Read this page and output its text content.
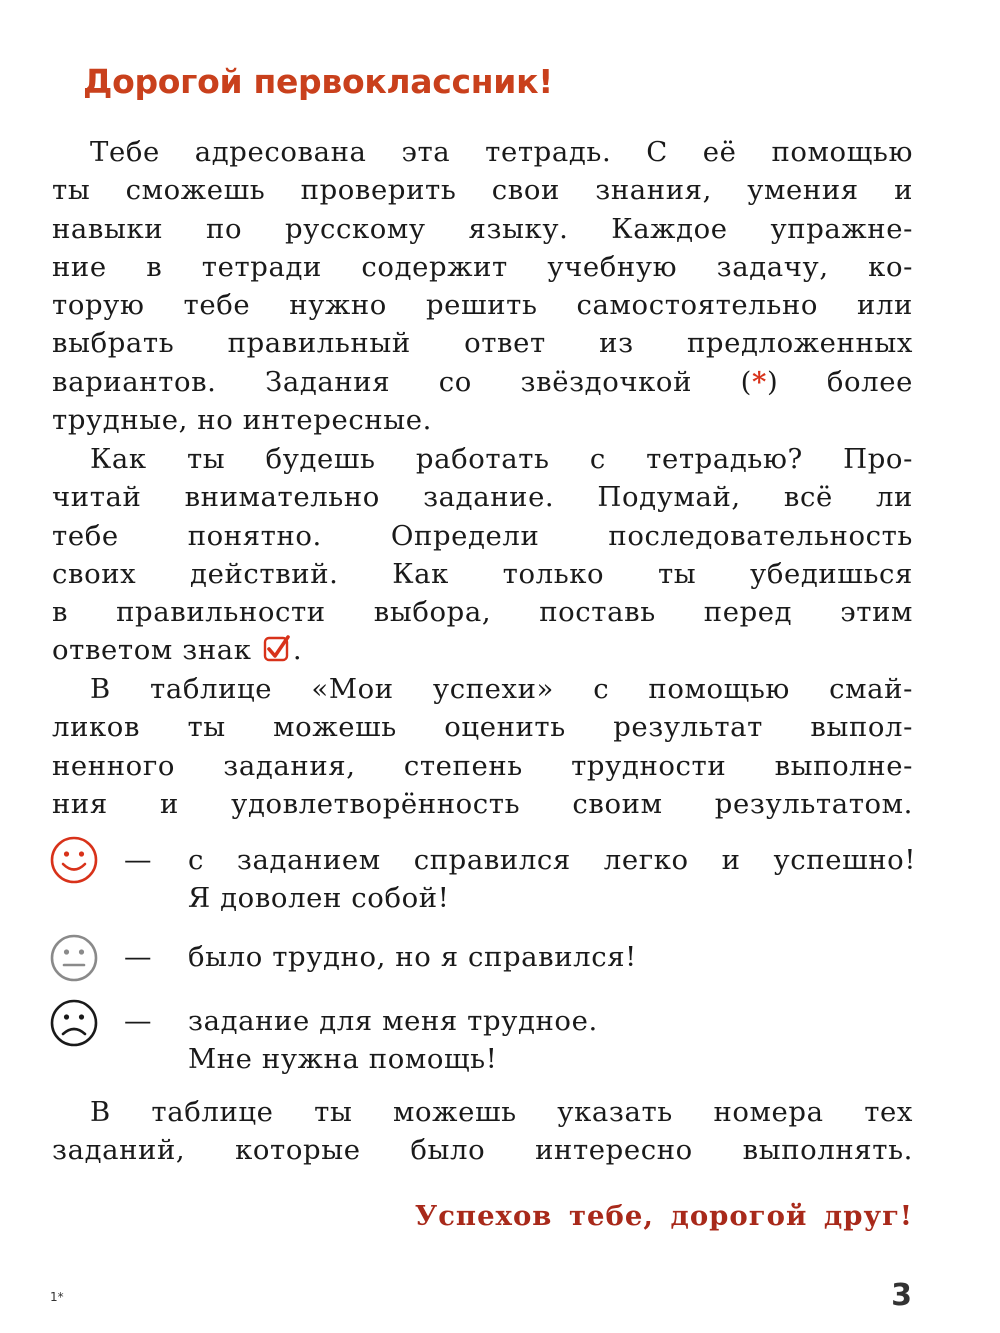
Дорогой первоклассник!
Тебе адресована эта тетрадь. С её помощью
ты сможешь проверить свои знания, умения и
навыки по русскому языку. Каждое упражне-
ние в тетради содержит учебную задачу, ко-
торую тебе нужно решить самостоятельно или
выбрать правильный ответ из предложенных
вариантов. Задания со звёздочкой (*) более
трудные, но интересные.
Как ты будешь работать с тетрадью? Про-
читай внимательно задание. Подумай, всё ли
тебе понятно. Определи последовательность
своих действий. Как только ты убедишься
в правильности выбора, поставь перед этим
ответом знак .
В таблице «Мои успехи» с помощью смай-
ликов ты можешь оценить результат выпол-
ненного задания, степень трудности выполне-
ния и удовлетворённость своим результатом.
— с заданием справился легко и успешно!
Я доволен собой!
— было трудно, но я справился!
— задание для меня трудное.
Мне нужна помощь!
В таблице ты можешь указать номера тех
заданий, которые было интересно выполнять.
Успехов тебе, дорогой друг!
1*	3
